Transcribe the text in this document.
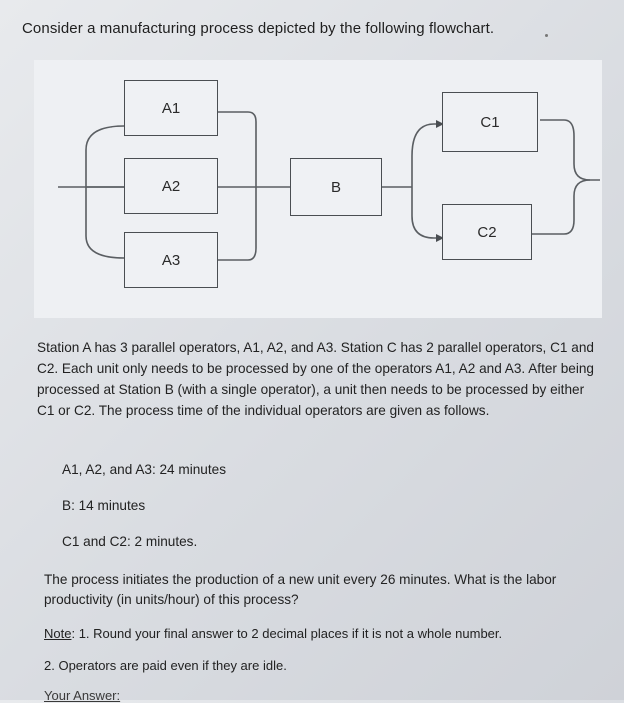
Consider a manufacturing process depicted by the following flowchart.
A1
A2
A3
B
C1
C2
Station A has 3 parallel operators, A1, A2, and A3. Station C has 2 parallel operators, C1 and C2. Each unit only needs to be processed by one of the operators A1, A2 and A3. After being processed at Station B (with a single operator), a unit then needs to be processed by either C1 or C2. The process time of the individual operators are given as follows.
A1, A2, and A3: 24 minutes
B: 14 minutes
C1 and C2: 2 minutes.
The process initiates the production of a new unit every 26 minutes. What is the labor productivity (in units/hour) of this process?
Note: 1. Round your final answer to 2 decimal places if it is not a whole number.
2. Operators are paid even if they are idle.
Your Answer:
